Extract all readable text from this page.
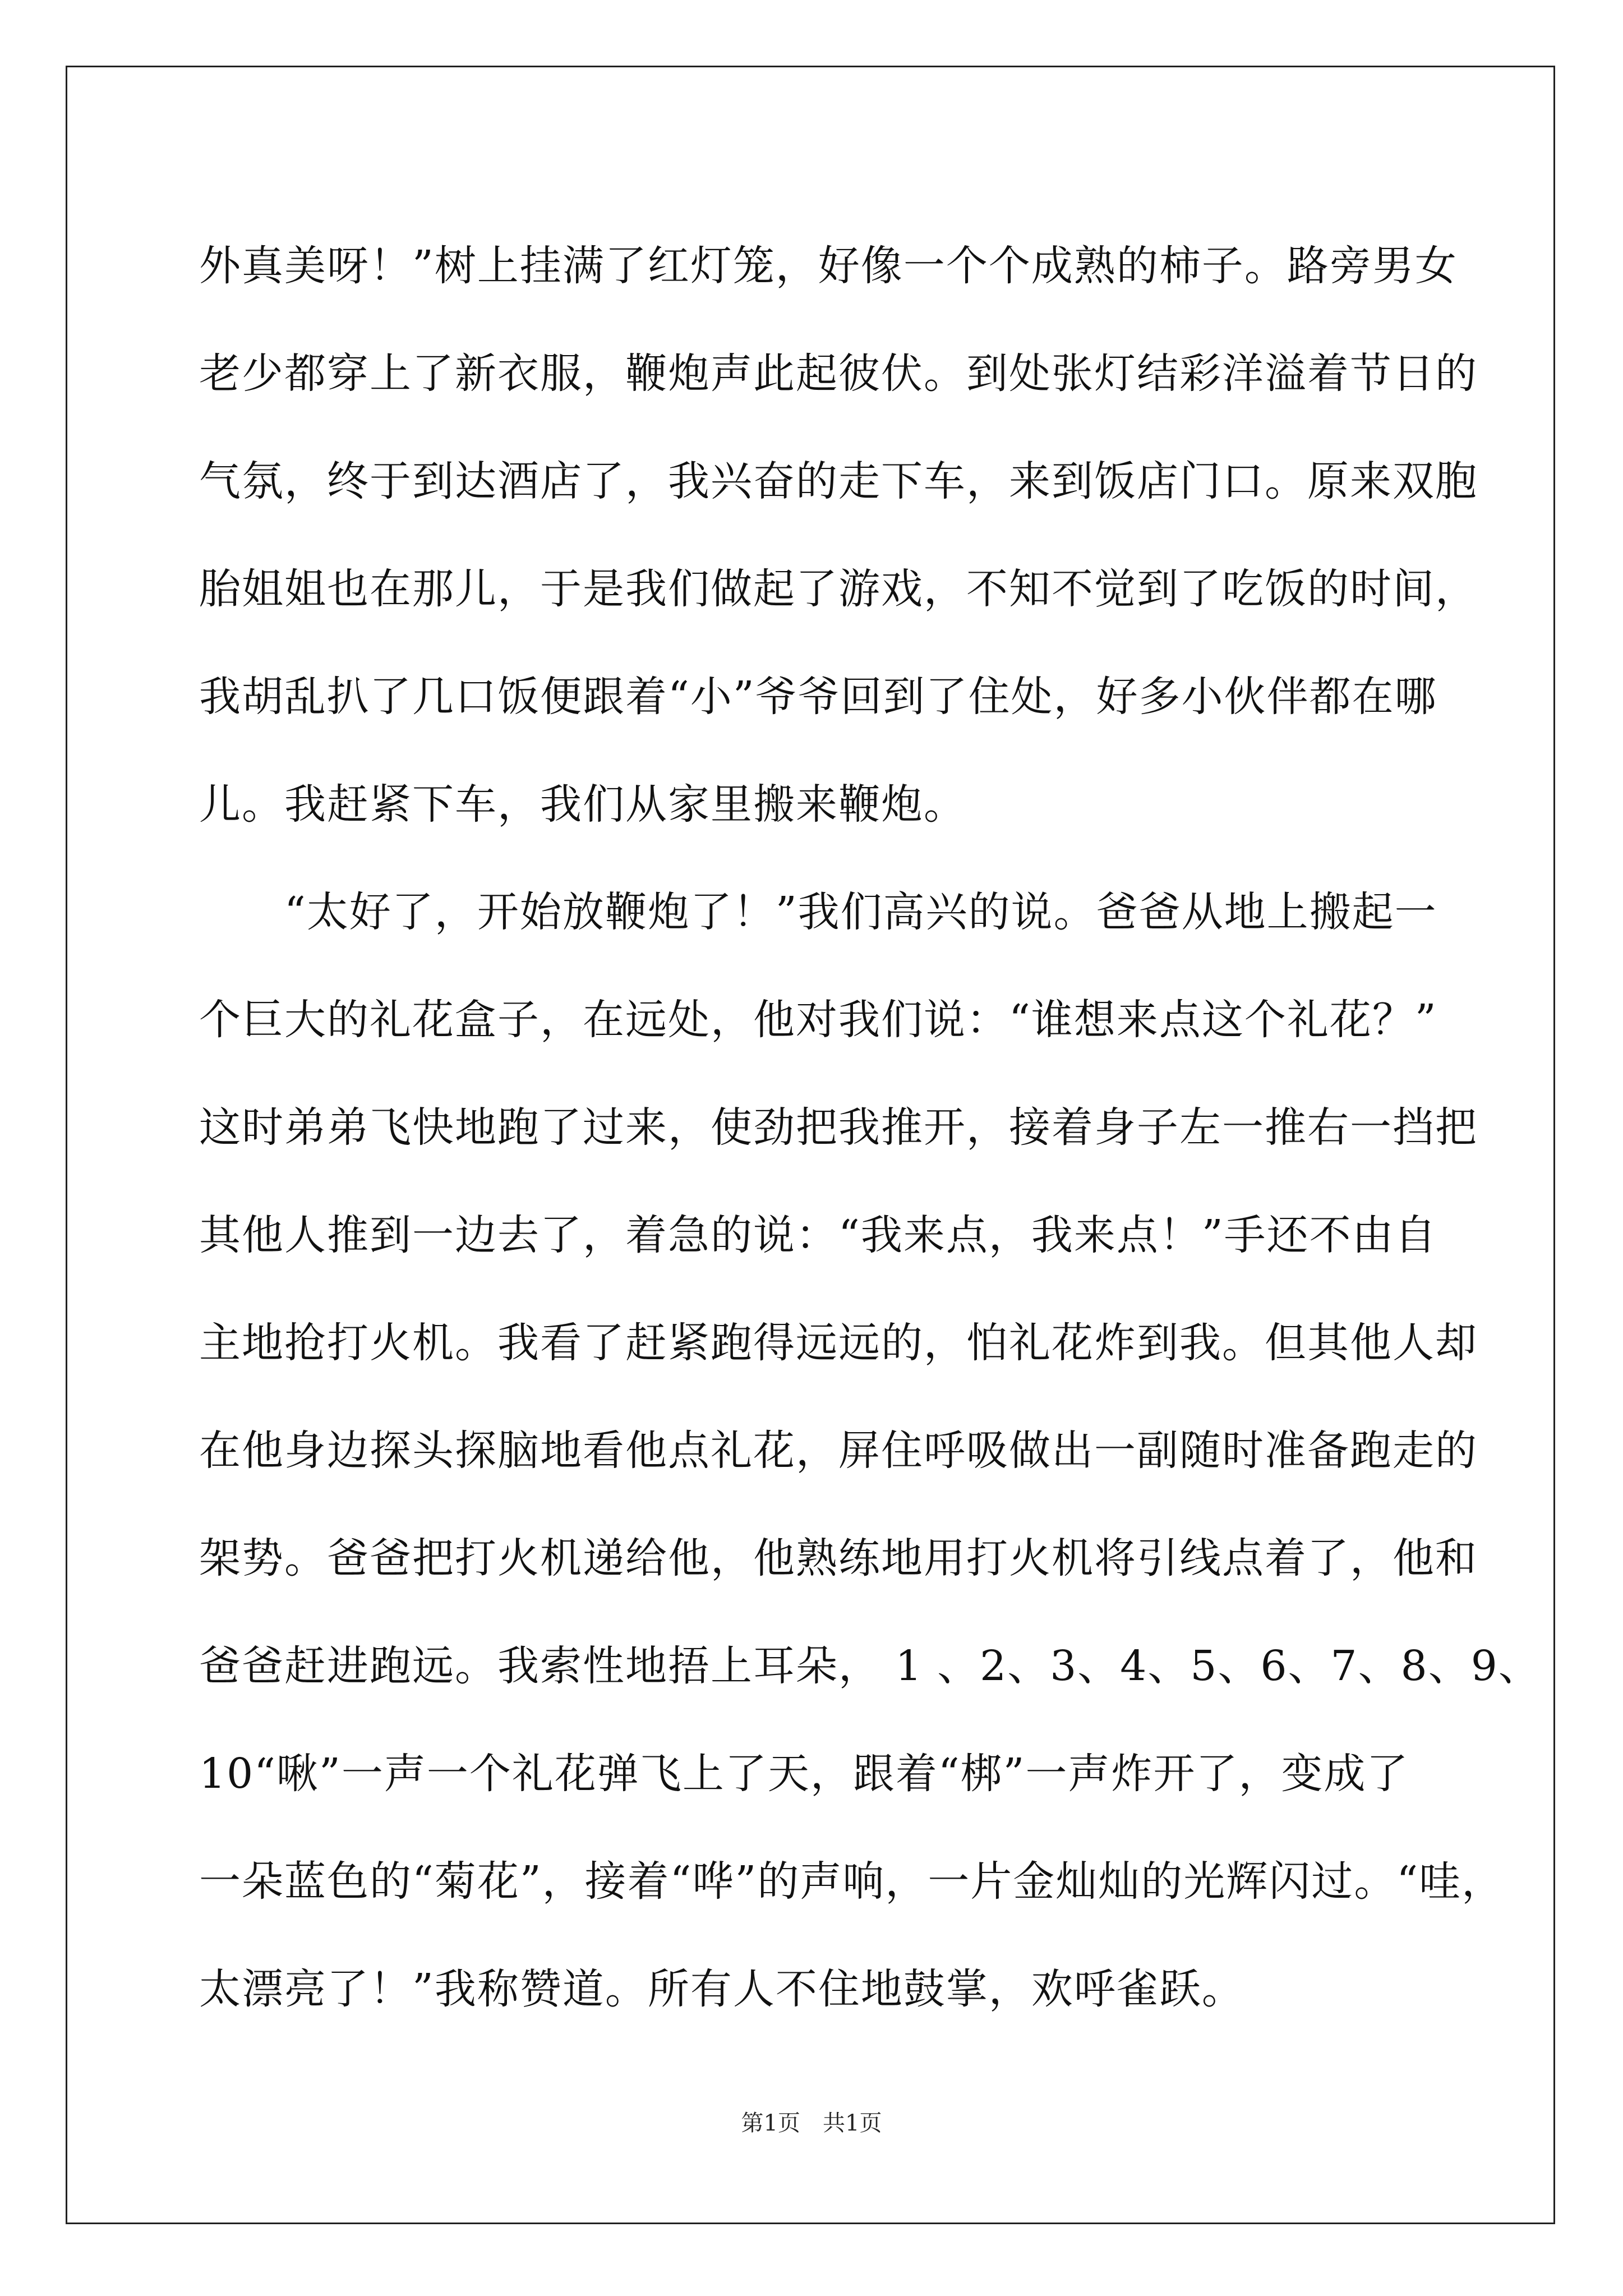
外真美呀！”树上挂满了红灯笼，好像一个个成熟的柿子。路旁男女
老少都穿上了新衣服，鞭炮声此起彼伏。到处张灯结彩洋溢着节日的
气氛，终于到达酒店了，我兴奋的走下车，来到饭店门口。原来双胞
胎姐姐也在那儿，于是我们做起了游戏，不知不觉到了吃饭的时间，
我胡乱扒了几口饭便跟着“小”爷爷回到了住处，好多小伙伴都在哪
儿。我赶紧下车，我们从家里搬来鞭炮。
“太好了，开始放鞭炮了！”我们高兴的说。爸爸从地上搬起一
个巨大的礼花盒子，在远处，他对我们说：“谁想来点这个礼花？”
这时弟弟飞快地跑了过来，使劲把我推开，接着身子左一推右一挡把
其他人推到一边去了，着急的说：“我来点，我来点！”手还不由自
主地抢打火机。我看了赶紧跑得远远的，怕礼花炸到我。但其他人却
在他身边探头探脑地看他点礼花，屏住呼吸做出一副随时准备跑走的
架势。爸爸把打火机递给他，他熟练地用打火机将引线点着了，他和
爸爸赶进跑远。我索性地捂上耳朵， 1 、2、3、4、5、6、7、8、9、
10“啾”一声一个礼花弹飞上了天，跟着“梆”一声炸开了，变成了
一朵蓝色的“菊花”，接着“哗”的声响，一片金灿灿的光辉闪过。“哇，
太漂亮了！”我称赞道。所有人不住地鼓掌，欢呼雀跃。
第1页　共1页
